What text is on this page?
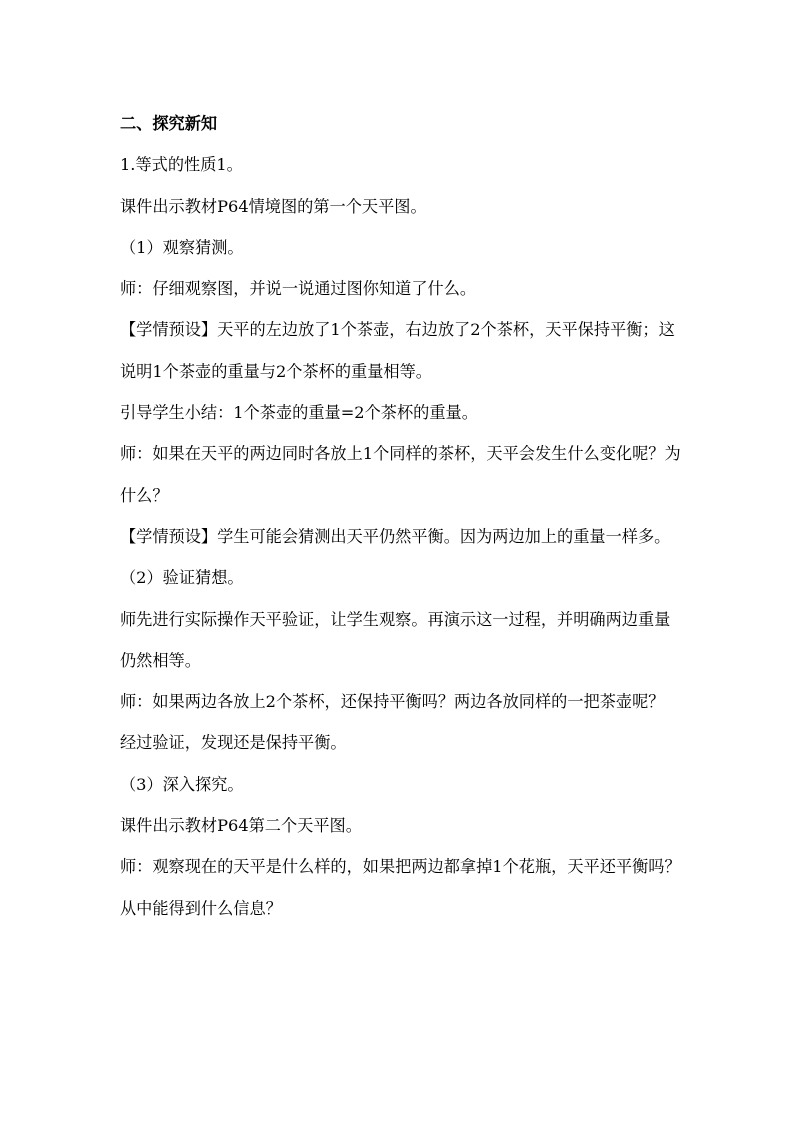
二、探究新知

1.等式的性质1。

课件出示教材P64情境图的第一个天平图。

（1）观察猜测。

师：仔细观察图，并说一说通过图你知道了什么。

【学情预设】天平的左边放了1个茶壶，右边放了2个茶杯，天平保持平衡；这说明1个茶壶的重量与2个茶杯的重量相等。

引导学生小结：1个茶壶的重量=2个茶杯的重量。

师：如果在天平的两边同时各放上1个同样的茶杯，天平会发生什么变化呢？为什么？

【学情预设】学生可能会猜测出天平仍然平衡。因为两边加上的重量一样多。

（2）验证猜想。

师先进行实际操作天平验证，让学生观察。再演示这一过程，并明确两边重量仍然相等。

师：如果两边各放上2个茶杯，还保持平衡吗？两边各放同样的一把茶壶呢？

经过验证，发现还是保持平衡。

（3）深入探究。

课件出示教材P64第二个天平图。

师：观察现在的天平是什么样的，如果把两边都拿掉1个花瓶，天平还平衡吗？从中能得到什么信息？
